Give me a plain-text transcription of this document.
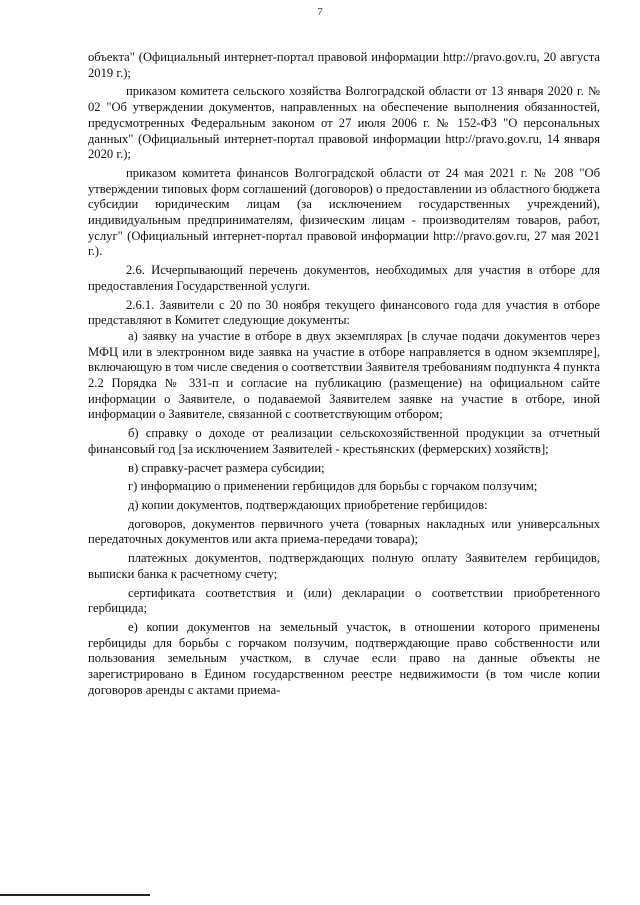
7

объекта" (Официальный интернет-портал правовой информации http://pravo.gov.ru, 20 августа 2019 г.);

приказом комитета сельского хозяйства Волгоградской области от 13 января 2020 г. № 02 "Об утверждении документов, направленных на обеспечение выполнения обязанностей, предусмотренных Федеральным законом от 27 июля 2006 г. № 152-ФЗ "О персональных данных" (Официальный интернет-портал правовой информации http://pravo.gov.ru, 14 января 2020 г.);

приказом комитета финансов Волгоградской области от 24 мая 2021 г. № 208 "Об утверждении типовых форм соглашений (договоров) о предоставлении из областного бюджета субсидии юридическим лицам (за исключением государственных учреждений), индивидуальным предпринимателям, физическим лицам - производителям товаров, работ, услуг" (Официальный интернет-портал правовой информации http://pravo.gov.ru, 27 мая 2021 г.).

2.6. Исчерпывающий перечень документов, необходимых для участия в отборе для предоставления Государственной услуги.

2.6.1. Заявители с 20 по 30 ноября текущего финансового года для участия в отборе представляют в Комитет следующие документы:

а) заявку на участие в отборе в двух экземплярах [в случае подачи документов через МФЦ или в электронном виде заявка на участие в отборе направляется в одном экземпляре], включающую в том числе сведения о соответствии Заявителя требованиям подпункта 4 пункта 2.2 Порядка № 331-п и согласие на публикацию (размещение) на официальном сайте информации о Заявителе, о подаваемой Заявителем заявке на участие в отборе, иной информации о Заявителе, связанной с соответствующим отбором;

б) справку о доходе от реализации сельскохозяйственной продукции за отчетный финансовый год [за исключением Заявителей - крестьянских (фермерских) хозяйств];

в) справку-расчет размера субсидии;

г) информацию о применении гербицидов для борьбы с горчаком ползучим;

д) копии документов, подтверждающих приобретение гербицидов:

договоров, документов первичного учета (товарных накладных или универсальных передаточных документов или акта приема-передачи товара);

платежных документов, подтверждающих полную оплату Заявителем гербицидов, выписки банка к расчетному счету;

сертификата соответствия и (или) декларации о соответствии приобретенного гербицида;

е) копии документов на земельный участок, в отношении которого применены гербициды для борьбы с горчаком ползучим, подтверждающие право собственности или пользования земельным участком, в случае если право на данные объекты не зарегистрировано в Едином государственном реестре недвижимости (в том числе копии договоров аренды с актами приема-
